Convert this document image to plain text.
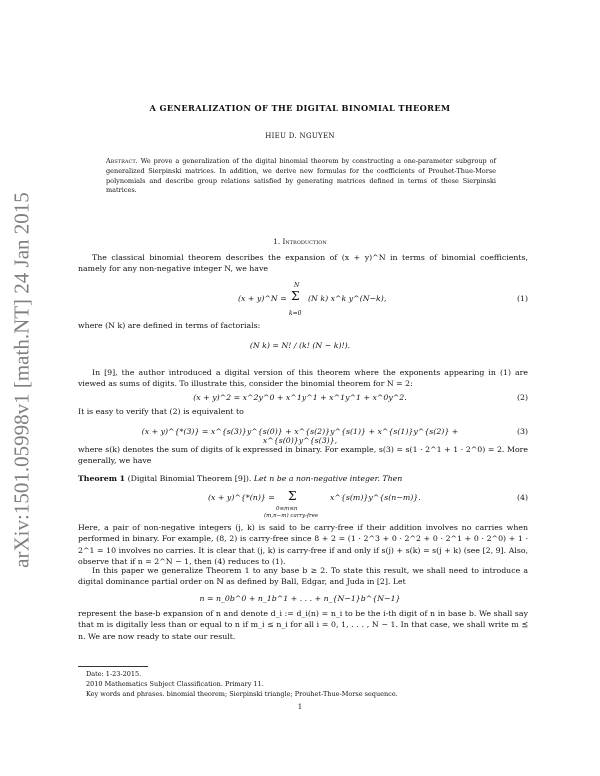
arXiv:1501.05998v1 [math.NT] 24 Jan 2015
A GENERALIZATION OF THE DIGITAL BINOMIAL THEOREM
HIEU D. NGUYEN
Abstract. We prove a generalization of the digital binomial theorem by constructing a one-parameter subgroup of generalized Sierpinski matrices. In addition, we derive new formulas for the coefficients of Prouhet-Thue-Morse polynomials and describe group relations satisfied by generating matrices defined in terms of these Sierpinski matrices.
1. Introduction

The classical binomial theorem describes the expansion of (x + y)^N in terms of binomial coefficients, namely for any non-negative integer N, we have

(x + y)^N =
N
Σ
k=0
(N k) x^k y^(N−k),	(1)

where (N k) are defined in terms of factorials:

(N k) = N! / (k! (N − k)!).

In [9], the author introduced a digital version of this theorem where the exponents appearing in (1) are viewed as sums of digits. To illustrate this, consider the binomial theorem for N = 2:

(x + y)^2 = x^2y^0 + x^1y^1 + x^1y^1 + x^0y^2.	(2)

It is easy to verify that (2) is equivalent to

(x + y)^{*(3)} = x^{s(3)}y^{s(0)} + x^{s(2)}y^{s(1)} + x^{s(1)}y^{s(2)} + x^{s(0)}y^{s(3)},
(3)

where s(k) denotes the sum of digits of k expressed in binary. For example, s(3) = s(1 · 2^1 + 1 · 2^0) = 2. More generally, we have

Theorem 1 (Digital Binomial Theorem [9]). Let n be a non-negative integer. Then

(x + y)^{*(n)} = Σ
0≤m≤n
(m,n−m) carry-free
x^{s(m)}y^{s(n−m)}.	(4)

Here, a pair of non-negative integers (j, k) is said to be carry-free if their addition involves no carries when performed in binary. For example, (8, 2) is carry-free since 8 + 2 = (1 · 2^3 + 0 · 2^2 + 0 · 2^1 + 0 · 2^0) + 1 · 2^1 = 10 involves no carries. It is clear that (j, k) is carry-free if and only if s(j) + s(k) = s(j + k) (see [2, 9]. Also, observe that if n = 2^N − 1, then (4) reduces to (1).

In this paper we generalize Theorem 1 to any base b ≥ 2. To state this result, we shall need to introduce a digital dominance partial order on ℕ as defined by Ball, Edgar, and Juda in [2]. Let

n = n_0b^0 + n_1b^1 + . . . + n_{N−1}b^{N−1}

represent the base-b expansion of n and denote d_i := d_i(n) = n_i to be the i-th digit of n in base b. We shall say that m is digitally less than or equal to n if m_i ≤ n_i for all i = 0, 1, . . . , N − 1. In that case, we shall write m ⪯ n. We are now ready to state our result.

Date: 1-23-2015.
2010 Mathematics Subject Classification. Primary 11.
Key words and phrases. binomial theorem; Sierpinski triangle; Prouhet-Thue-Morse sequence.
1
